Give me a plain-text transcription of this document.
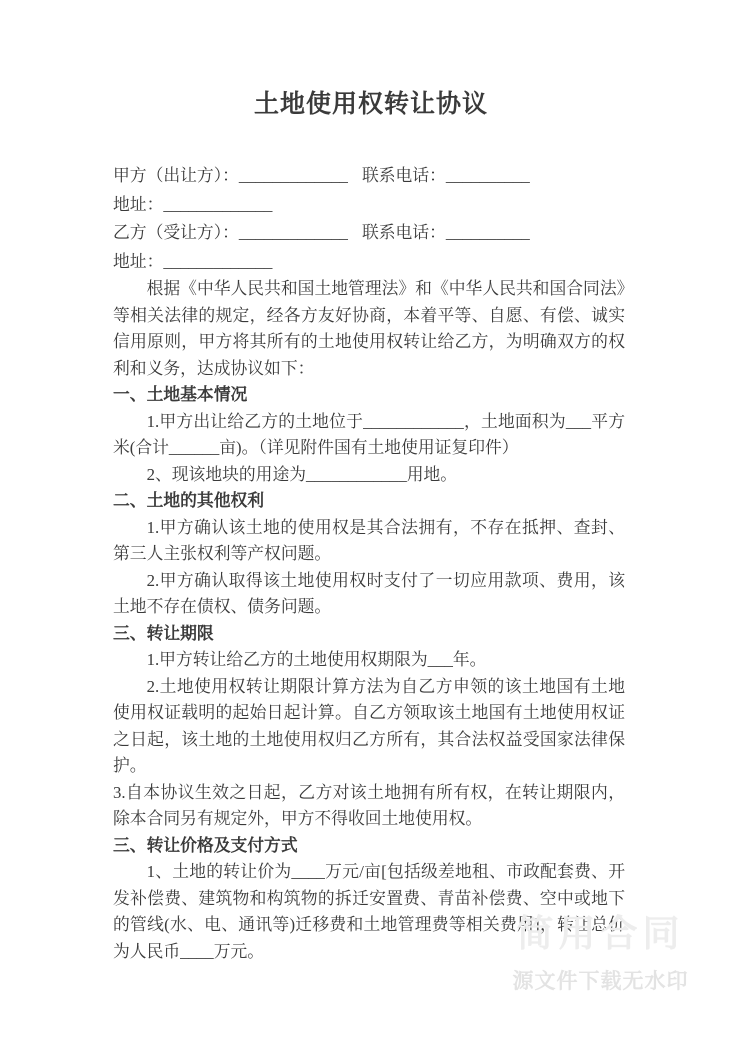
土地使用权转让协议
甲方（出让方）：_____________ 联系电话：__________
地址：_____________
乙方（受让方）：_____________ 联系电话：__________
地址：_____________
根据《中华人民共和国土地管理法》和《中华人民共和国合同法》等相关法律的规定，经各方友好协商，本着平等、自愿、有偿、诚实信用原则，甲方将其所有的土地使用权转让给乙方，为明确双方的权利和义务，达成协议如下：
一、土地基本情况
1.甲方出让给乙方的土地位于____________，土地面积为___平方米(合计______亩)。（详见附件国有土地使用证复印件）
2、现该地块的用途为____________用地。
二、土地的其他权利
1.甲方确认该土地的使用权是其合法拥有，不存在抵押、查封、第三人主张权利等产权问题。
2.甲方确认取得该土地使用权时支付了一切应用款项、费用，该土地不存在债权、债务问题。
三、转让期限
1.甲方转让给乙方的土地使用权期限为___年。
2.土地使用权转让期限计算方法为自乙方申领的该土地国有土地使用权证载明的起始日起计算。自乙方领取该土地国有土地使用权证之日起，该土地的土地使用权归乙方所有，其合法权益受国家法律保护。
3.自本协议生效之日起，乙方对该土地拥有所有权，在转让期限内，除本合同另有规定外，甲方不得收回土地使用权。
三、转让价格及支付方式
1、土地的转让价为____万元/亩[包括级差地租、市政配套费、开发补偿费、建筑物和构筑物的拆迁安置费、青苗补偿费、空中或地下的管线(水、电、通讯等)迁移费和土地管理费等相关费用]，转让总价为人民币____万元。	简用合同
源文件下载无水印
